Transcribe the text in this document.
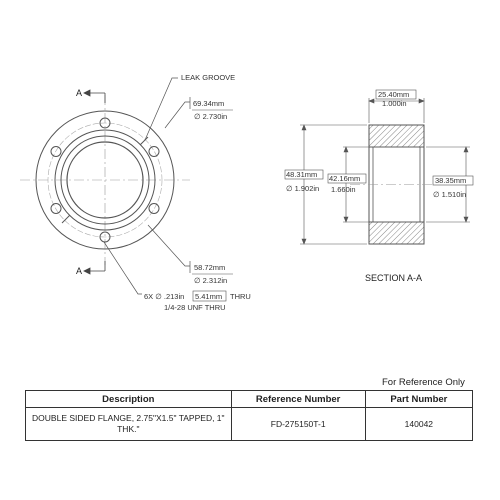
A
A
LEAK GROOVE
69.34mm
∅ 2.730in
58.72mm
∅ 2.312in
6X ∅ .213in 5.41mm THRU
1/4-28 UNF THRU
25.40mm
1.000in
48.31mm
∅ 1.902in
42.16mm
1.660in
38.35mm
∅ 1.510in
SECTION A-A
For Reference Only
Description	Reference Number	Part Number
DOUBLE SIDED FLANGE, 2.75"X1.5" TAPPED, 1" THK."	FD-275150T-1	140042
